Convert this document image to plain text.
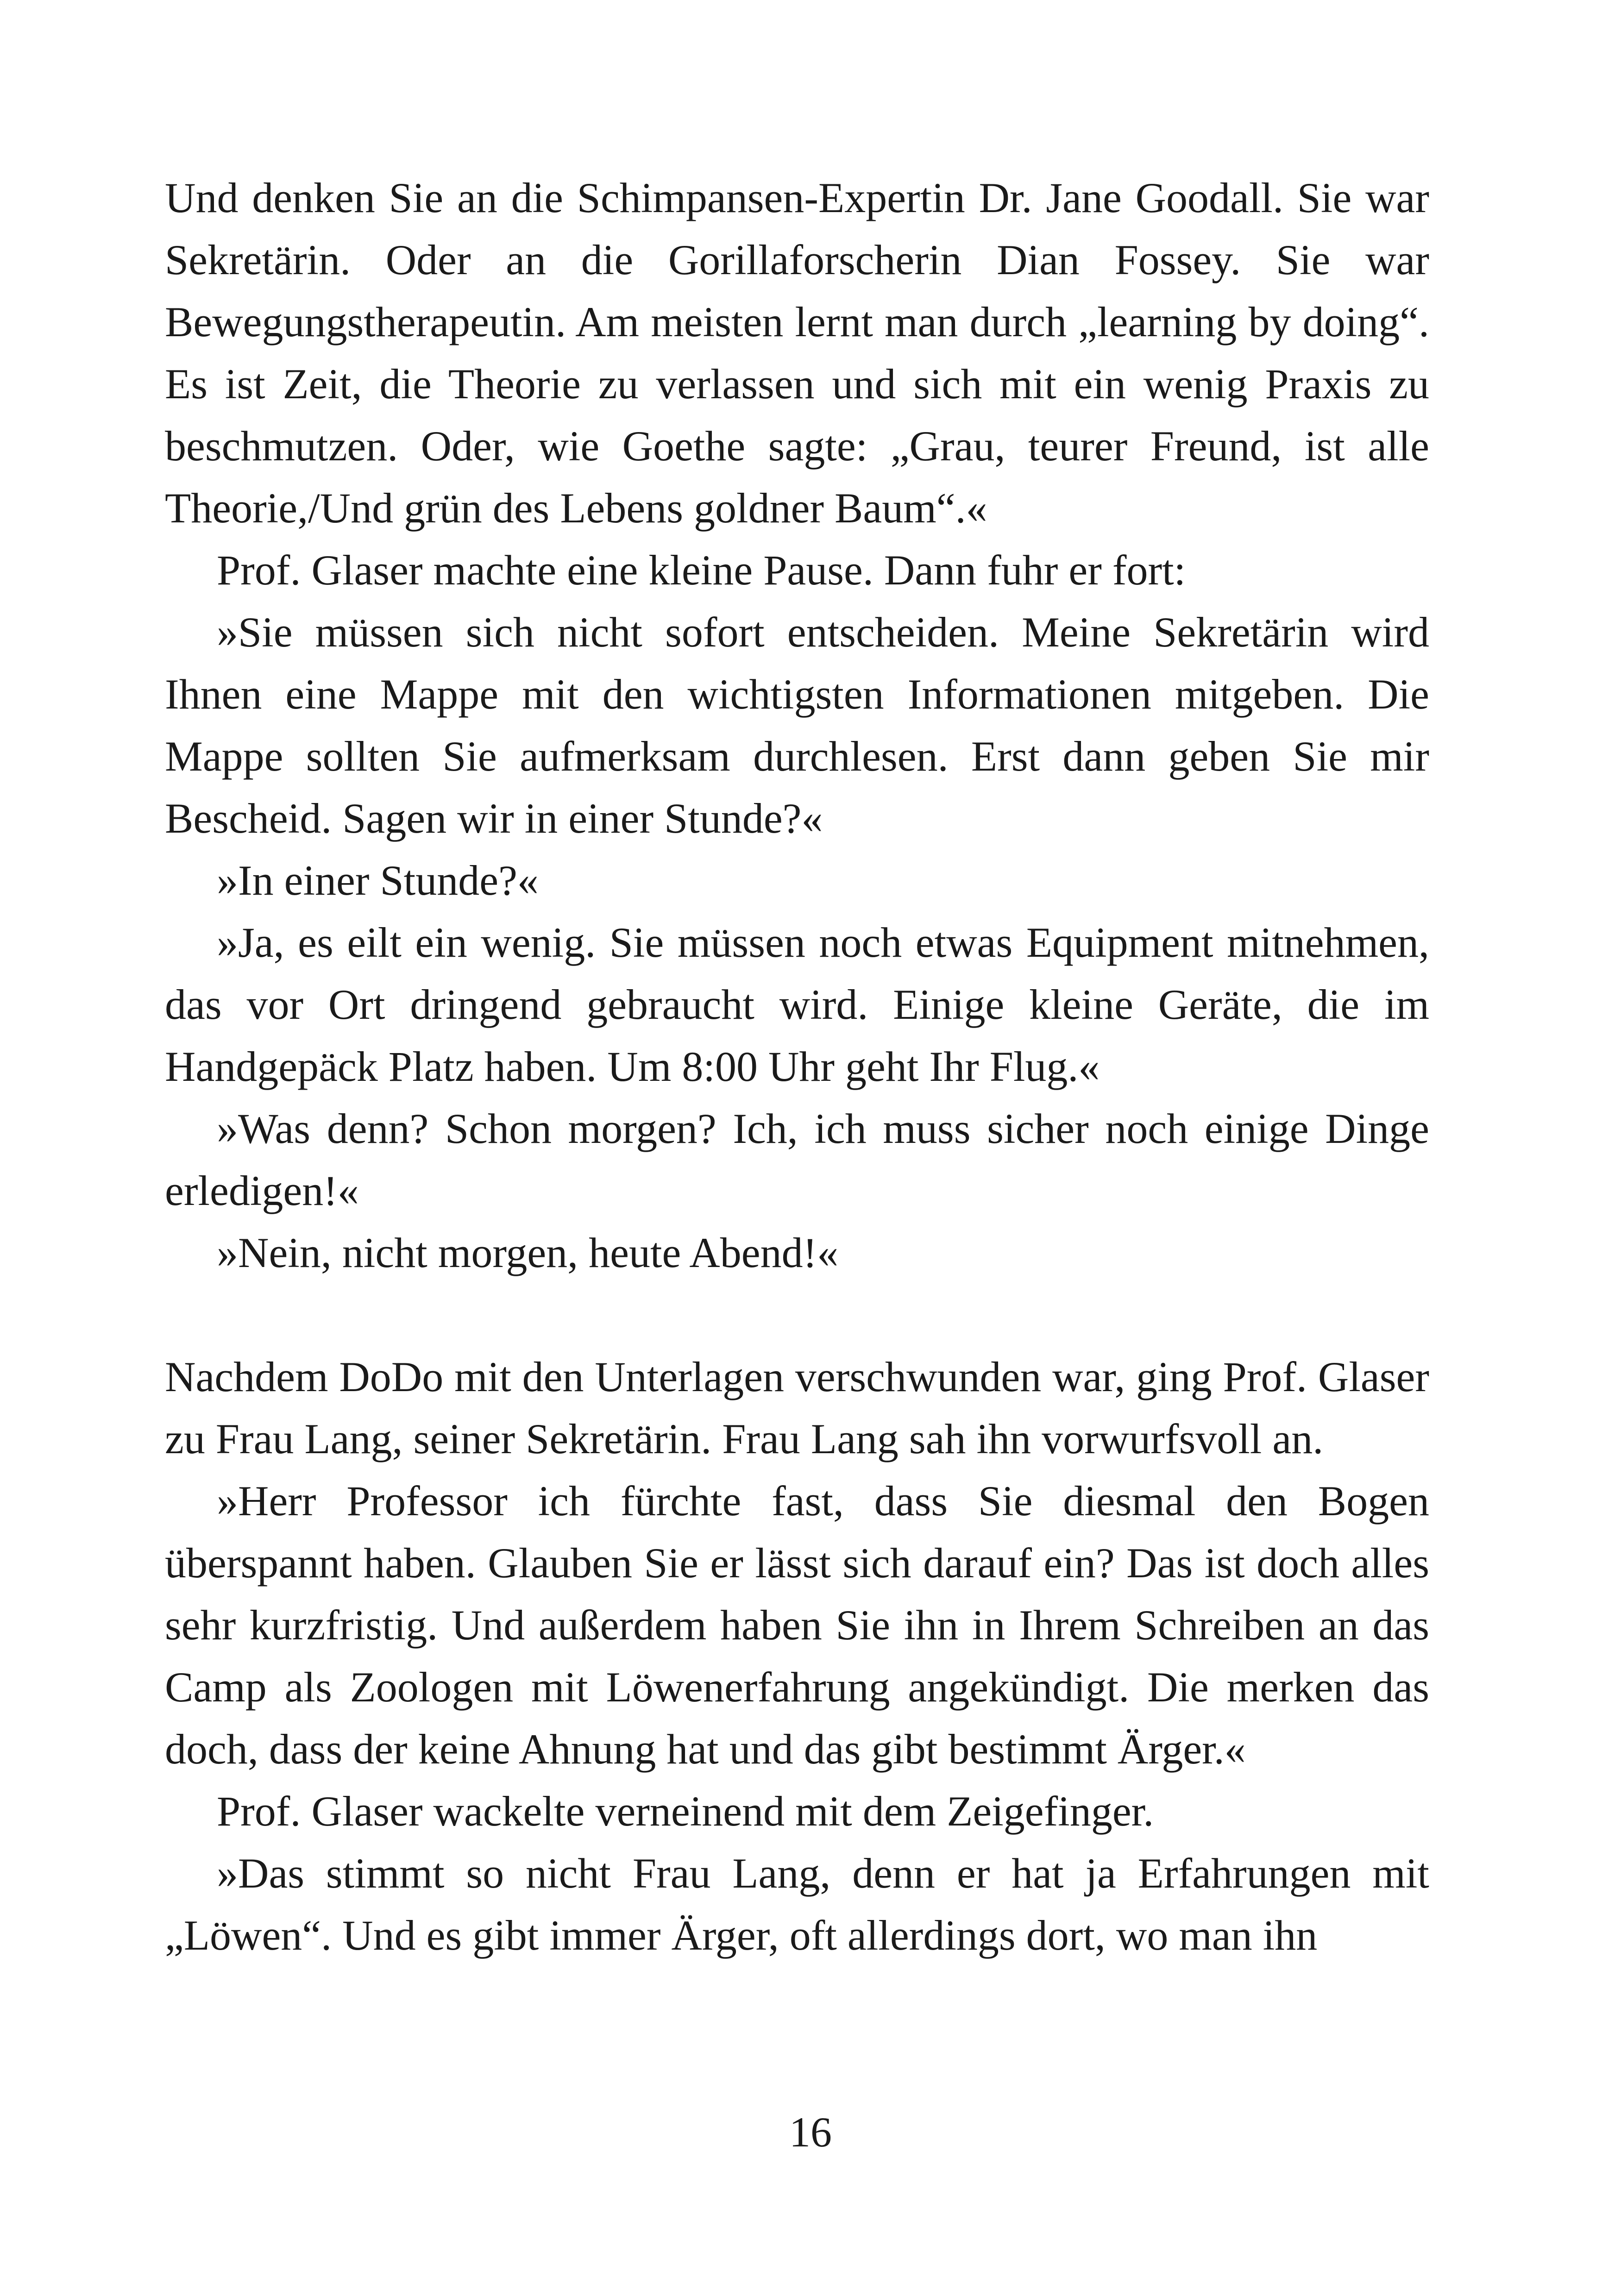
Und denken Sie an die Schimpansen-Expertin Dr. Jane Goodall. Sie war Sekretärin. Oder an die Gorillaforscherin Dian Fossey. Sie war Bewegungstherapeutin. Am meisten lernt man durch „learning by doing“. Es ist Zeit, die Theorie zu verlassen und sich mit ein wenig Praxis zu beschmutzen. Oder, wie Goethe sagte: „Grau, teurer Freund, ist alle Theorie,/Und grün des Lebens goldner Baum“.«

Prof. Glaser machte eine kleine Pause. Dann fuhr er fort:

»Sie müssen sich nicht sofort entscheiden. Meine Sekretärin wird Ihnen eine Mappe mit den wichtigsten Informationen mitgeben. Die Mappe sollten Sie aufmerksam durchlesen. Erst dann geben Sie mir Bescheid. Sagen wir in einer Stunde?«

»In einer Stunde?«

»Ja, es eilt ein wenig. Sie müssen noch etwas Equipment mitnehmen, das vor Ort dringend gebraucht wird. Einige kleine Geräte, die im Handgepäck Platz haben. Um 8:00 Uhr geht Ihr Flug.«

»Was denn? Schon morgen? Ich, ich muss sicher noch einige Dinge erledigen!«

»Nein, nicht morgen, heute Abend!«

Nachdem DoDo mit den Unterlagen verschwunden war, ging Prof. Glaser zu Frau Lang, seiner Sekretärin. Frau Lang sah ihn vorwurfsvoll an.

»Herr Professor ich fürchte fast, dass Sie diesmal den Bogen überspannt haben. Glauben Sie er lässt sich darauf ein? Das ist doch alles sehr kurzfristig. Und außerdem haben Sie ihn in Ihrem Schreiben an das Camp als Zoologen mit Löwenerfahrung angekündigt. Die merken das doch, dass der keine Ahnung hat und das gibt bestimmt Ärger.«

Prof. Glaser wackelte verneinend mit dem Zeigefinger.

»Das stimmt so nicht Frau Lang, denn er hat ja Erfahrungen mit „Löwen“. Und es gibt immer Ärger, oft allerdings dort, wo man ihn

16
